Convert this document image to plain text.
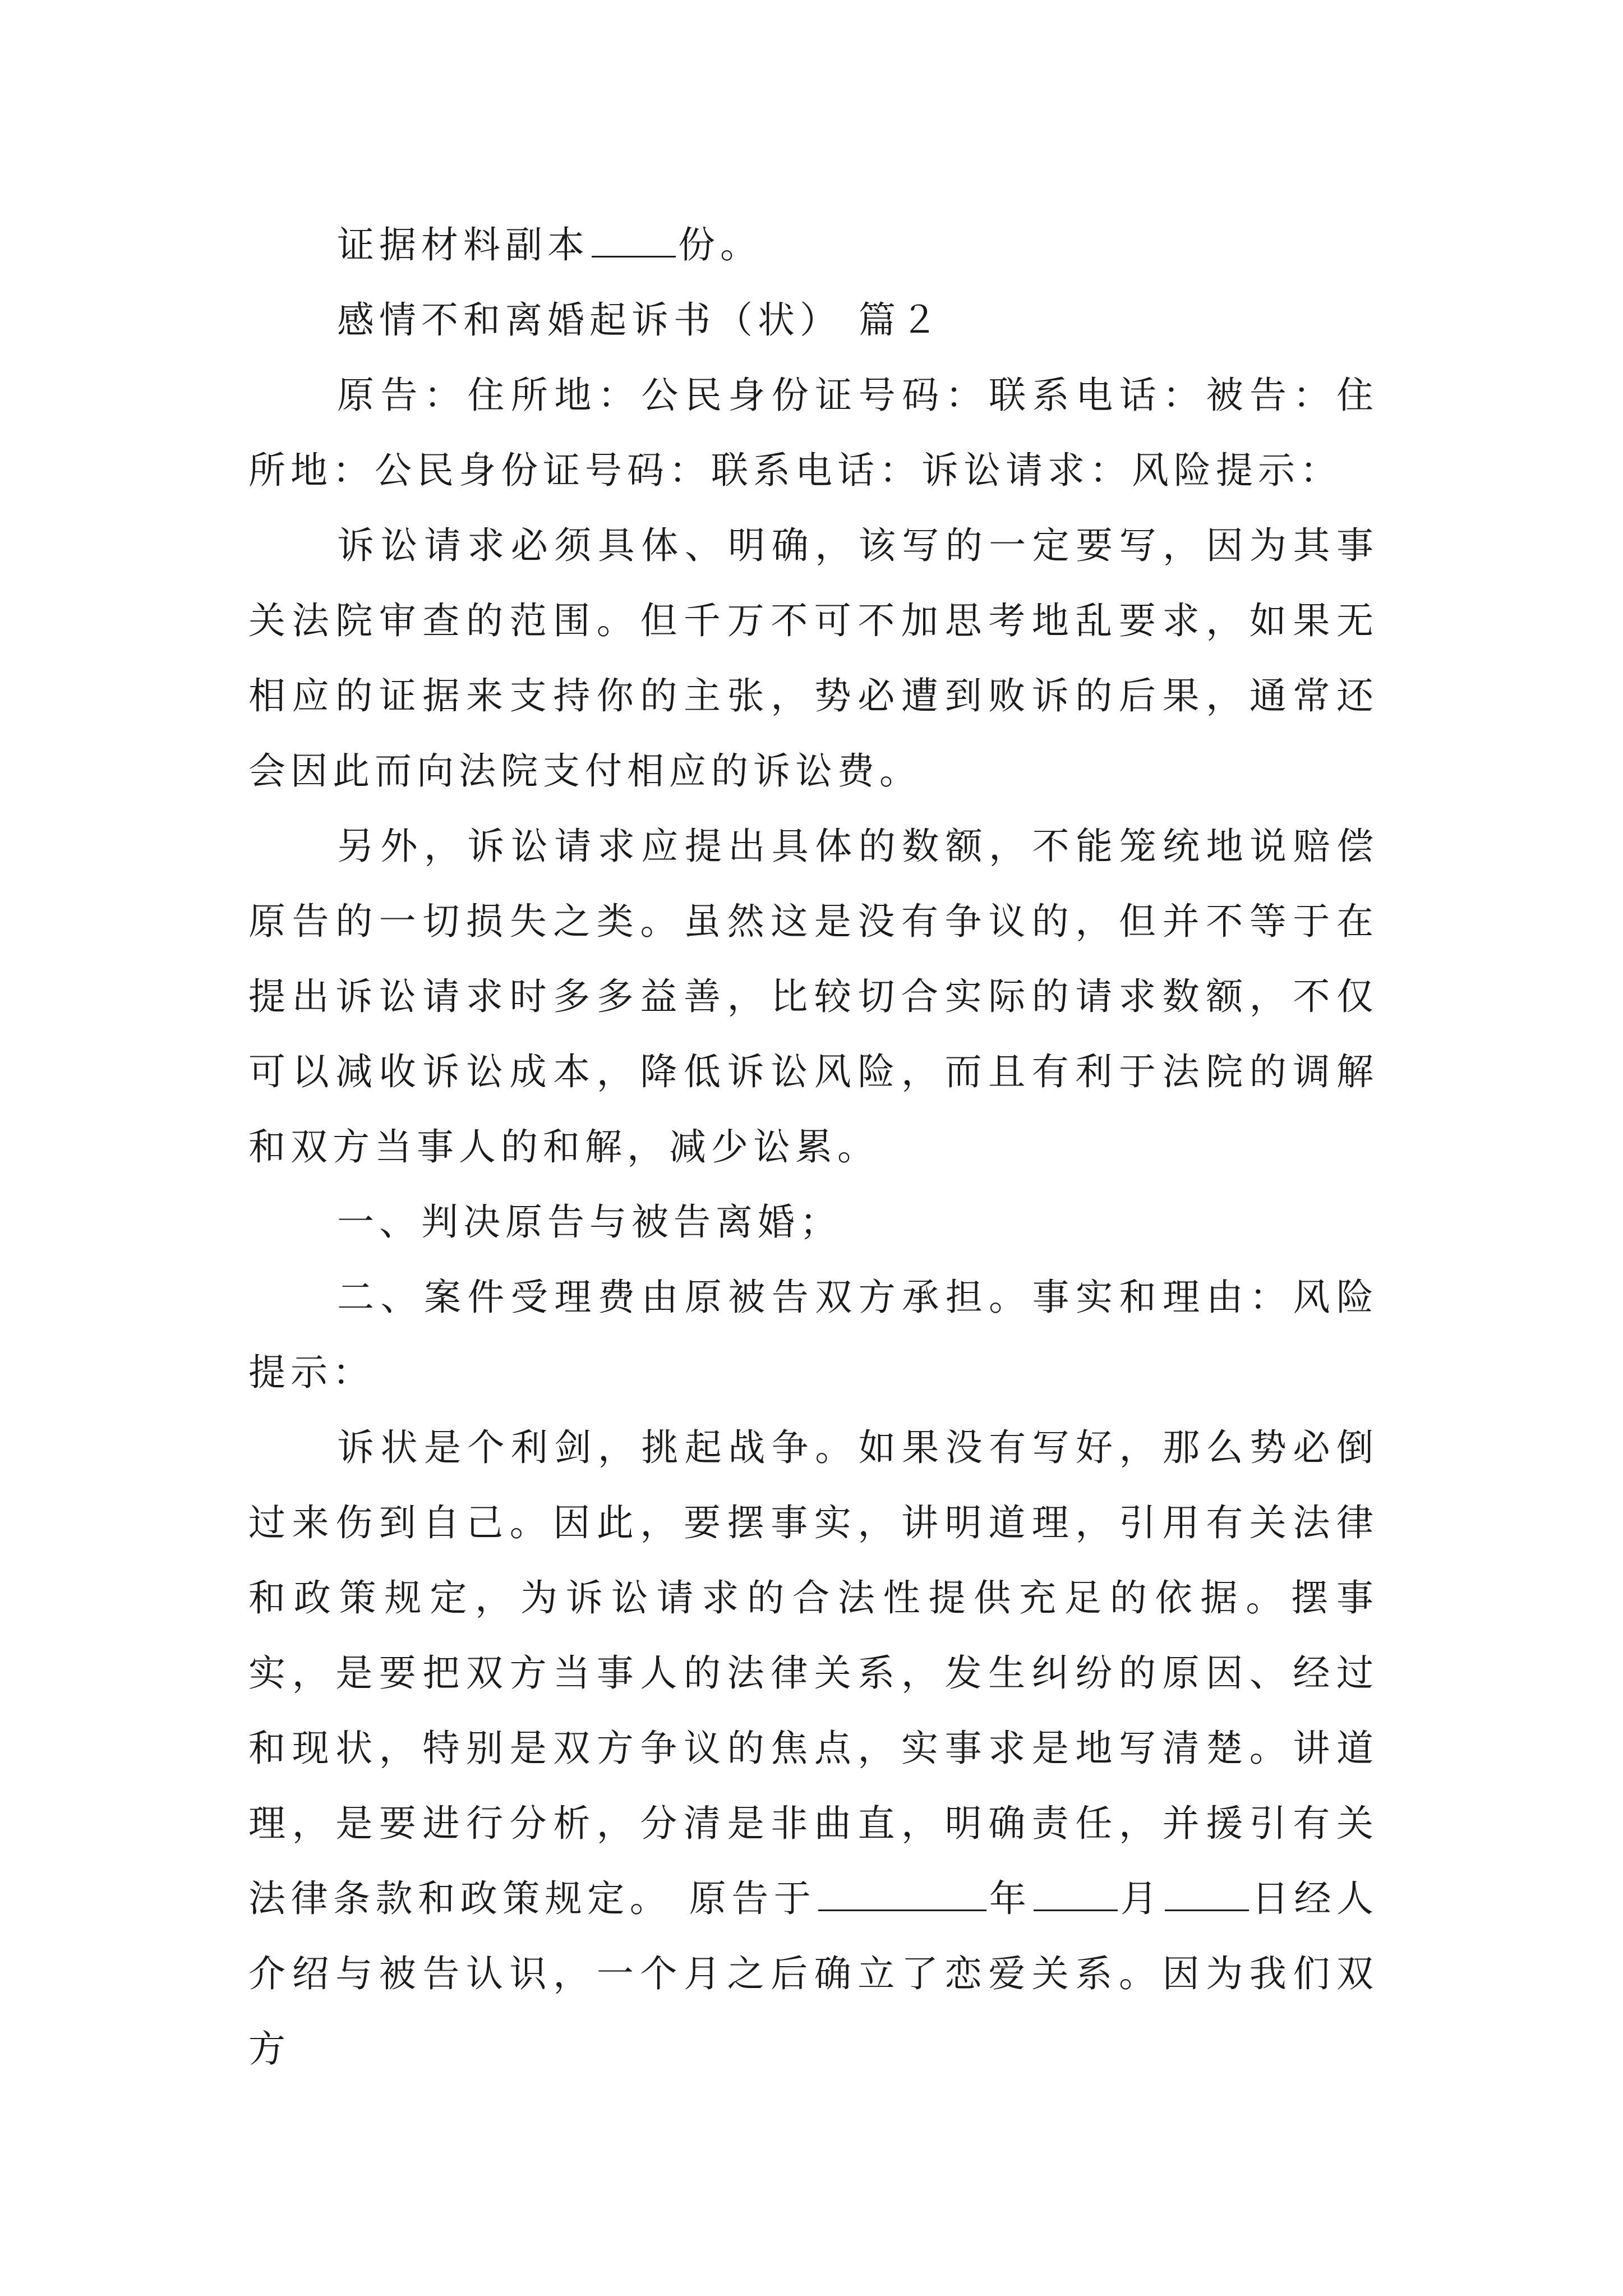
证据材料副本 份。

感情不和离婚起诉书（状） 篇２

原告：住所地：公民身份证号码：联系电话：被告：住所地：公民身份证号码：联系电话：诉讼请求：风险提示：

诉讼请求必须具体、明确，该写的一定要写，因为其事关法院审查的范围。但千万不可不加思考地乱要求，如果无相应的证据来支持你的主张，势必遭到败诉的后果，通常还会因此而向法院支付相应的诉讼费。

另外，诉讼请求应提出具体的数额，不能笼统地说赔偿原告的一切损失之类。虽然这是没有争议的，但并不等于在提出诉讼请求时多多益善，比较切合实际的请求数额，不仅可以减收诉讼成本，降低诉讼风险，而且有利于法院的调解和双方当事人的和解，减少讼累。

一、判决原告与被告离婚；

二、案件受理费由原被告双方承担。事实和理由：风险提示：

诉状是个利剑，挑起战争。如果没有写好，那么势必倒过来伤到自己。因此，要摆事实，讲明道理，引用有关法律和政策规定，为诉讼请求的合法性提供充足的依据。摆事实，是要把双方当事人的法律关系，发生纠纷的原因、经过和现状，特别是双方争议的焦点，实事求是地写清楚。讲道理，是要进行分析，分清是非曲直，明确责任，并援引有关法律条款和政策规定。 原告于	年 月 日经人介绍与被告认识，一个月之后确立了恋爱关系。因为我们双方
